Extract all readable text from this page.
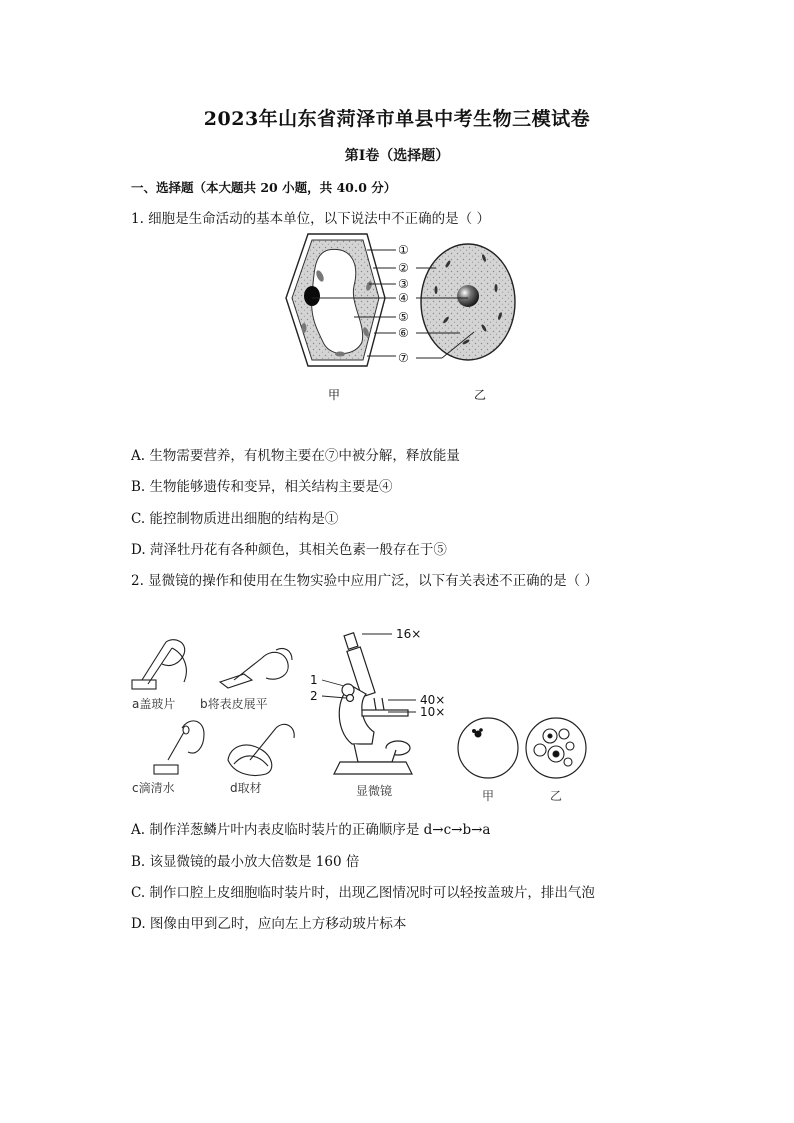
2023年山东省菏泽市单县中考生物三模试卷
第I卷（选择题）
一、选择题（本大题共 20 小题，共 40.0 分）
1. 细胞是生命活动的基本单位，以下说法中不正确的是（ ）
①
②
③
④
⑤
⑥
⑦
甲	乙
A. 生物需要营养，有机物主要在⑦中被分解，释放能量
B. 生物能够遗传和变异，相关结构主要是④
C. 能控制物质进出细胞的结构是①
D. 菏泽牡丹花有各种颜色，其相关色素一般存在于⑤
2. 显微镜的操作和使用在生物实验中应用广泛，以下有关表述不正确的是（ ）
16×
1
2	40×
10×
a盖玻片 b将表皮展平
c滴清水	d取材	显微镜	甲	乙
A. 制作洋葱鳞片叶内表皮临时装片的正确顺序是 d→c→b→a
B. 该显微镜的最小放大倍数是 160 倍
C. 制作口腔上皮细胞临时装片时，出现乙图情况时可以轻按盖玻片，排出气泡
D. 图像由甲到乙时，应向左上方移动玻片标本
